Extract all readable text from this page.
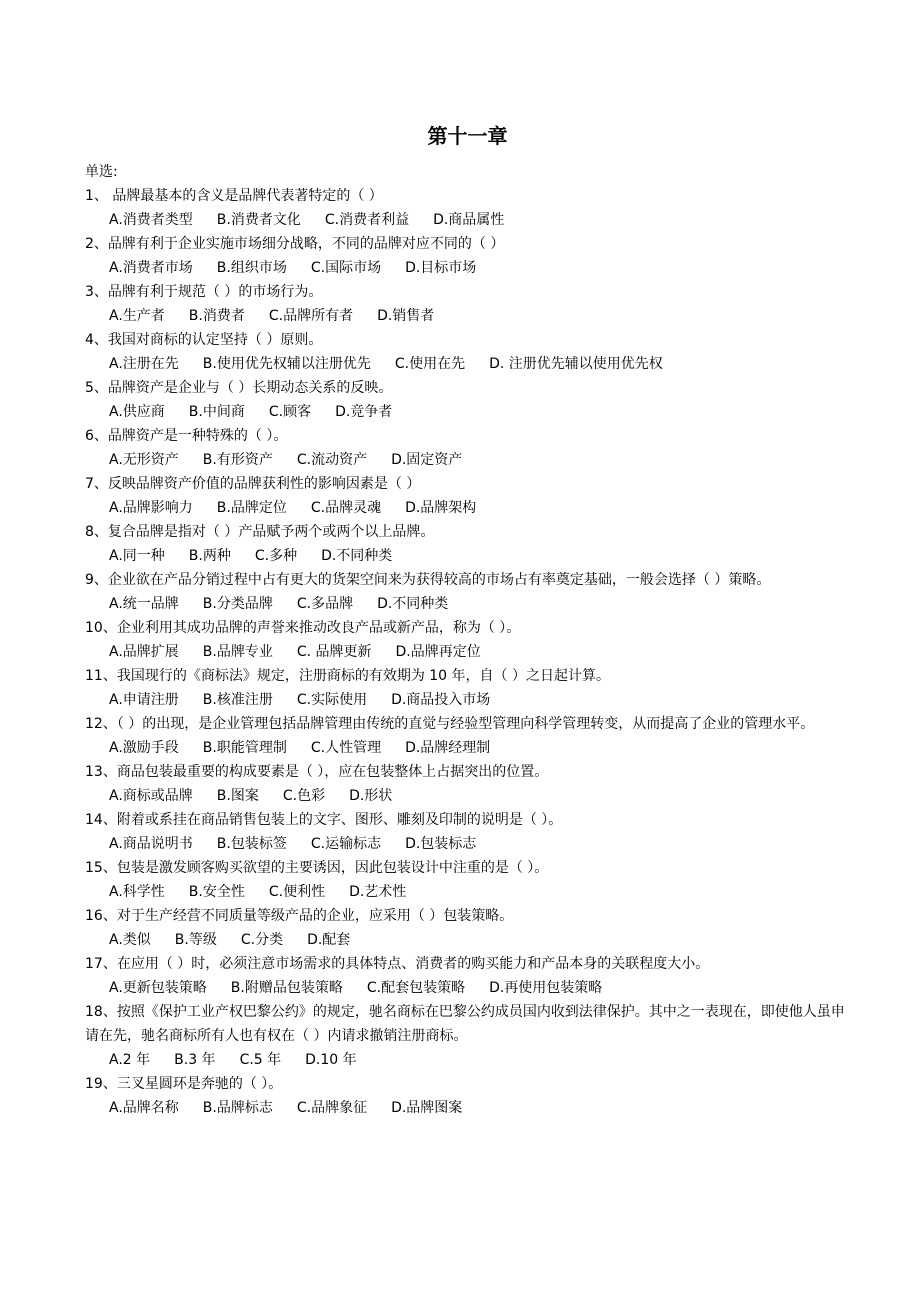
第十一章
单选:
1、 品牌最基本的含义是品牌代表著特定的（ ）
A.消费者类型 B.消费者文化 C.消费者利益 D.商品属性
2、品牌有利于企业实施市场细分战略，不同的品牌对应不同的（ ）
A.消费者市场 B.组织市场 C.国际市场 D.目标市场
3、品牌有利于规范（ ）的市场行为。
A.生产者 B.消费者 C.品牌所有者 D.销售者
4、我国对商标的认定坚持（ ）原则。
A.注册在先 B.使用优先权辅以注册优先 C.使用在先 D. 注册优先辅以使用优先权
5、品牌资产是企业与（ ）长期动态关系的反映。
A.供应商 B.中间商 C.顾客 D.竞争者
6、品牌资产是一种特殊的（ ）。
A.无形资产 B.有形资产 C.流动资产 D.固定资产
7、反映品牌资产价值的品牌获利性的影响因素是（ ）
A.品牌影响力 B.品牌定位 C.品牌灵魂 D.品牌架构
8、复合品牌是指对（ ）产品赋予两个或两个以上品牌。
A.同一种 B.两种 C.多种 D.不同种类
9、企业欲在产品分销过程中占有更大的货架空间来为获得较高的市场占有率奠定基础，一般会选择（ ）策略。
A.统一品牌 B.分类品牌 C.多品牌 D.不同种类
10、企业利用其成功品牌的声誉来推动改良产品或新产品，称为（ ）。
A.品牌扩展 B.品牌专业 C. 品牌更新 D.品牌再定位
11、我国现行的《商标法》规定，注册商标的有效期为 10 年，自（ ）之日起计算。
A.申请注册 B.核准注册 C.实际使用 D.商品投入市场
12、（ ）的出现，是企业管理包括品牌管理由传统的直觉与经验型管理向科学管理转变，从而提高了企业的管理水平。
A.激励手段 B.职能管理制 C.人性管理 D.品牌经理制
13、商品包装最重要的构成要素是（ ），应在包装整体上占据突出的位置。
A.商标或品牌 B.图案 C.色彩 D.形状
14、附着或系挂在商品销售包装上的文字、图形、雕刻及印制的说明是（ ）。
A.商品说明书 B.包装标签 C.运输标志 D.包装标志
15、包装是激发顾客购买欲望的主要诱因，因此包装设计中注重的是（ ）。
A.科学性 B.安全性 C.便利性 D.艺术性
16、对于生产经营不同质量等级产品的企业，应采用（ ）包装策略。
A.类似 B.等级 C.分类 D.配套
17、在应用（ ）时，必须注意市场需求的具体特点、消费者的购买能力和产品本身的关联程度大小。
A.更新包装策略 B.附赠品包装策略 C.配套包装策略 D.再使用包装策略
18、按照《保护工业产权巴黎公约》的规定，驰名商标在巴黎公约成员国内收到法律保护。其中之一表现在，即使他人虽申请在先，驰名商标所有人也有权在（ ）内请求撤销注册商标。
A.2 年 B.3 年 C.5 年 D.10 年
19、三叉星圆环是奔驰的（ ）。
A.品牌名称 B.品牌标志 C.品牌象征 D.品牌图案
